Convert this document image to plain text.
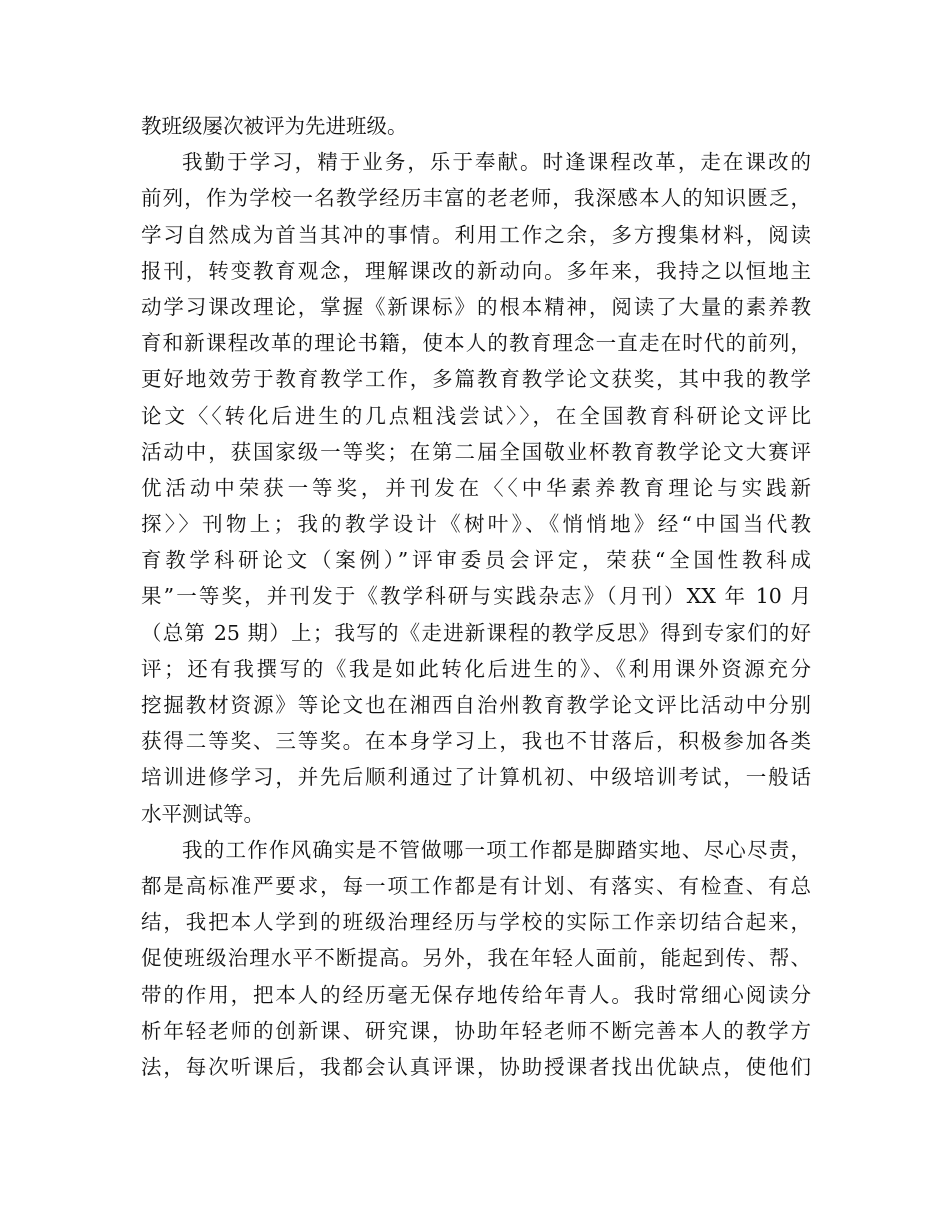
教班级屡次被评为先进班级。
我勤于学习，精于业务，乐于奉献。时逢课程改革，走在课改的
前列，作为学校一名教学经历丰富的老老师，我深感本人的知识匮乏，
学习自然成为首当其冲的事情。利用工作之余，多方搜集材料，阅读
报刊，转变教育观念，理解课改的新动向。多年来，我持之以恒地主
动学习课改理论，掌握《新课标》的根本精神，阅读了大量的素养教
育和新课程改革的理论书籍，使本人的教育理念一直走在时代的前列，
更好地效劳于教育教学工作，多篇教育教学论文获奖，其中我的教学
论文〈〈转化后进生的几点粗浅尝试〉〉，在全国教育科研论文评比
活动中，获国家级一等奖；在第二届全国敬业杯教育教学论文大赛评
优活动中荣获一等奖，并刊发在〈〈中华素养教育理论与实践新
探〉〉刊物上；我的教学设计《树叶》、《悄悄地》经“中国当代教
育教学科研论文（案例）”评审委员会评定，荣获“全国性教科成
果”一等奖，并刊发于《教学科研与实践杂志》（月刊）XX 年 10 月
（总第 25 期）上；我写的《走进新课程的教学反思》得到专家们的好
评；还有我撰写的《我是如此转化后进生的》、《利用课外资源充分
挖掘教材资源》等论文也在湘西自治州教育教学论文评比活动中分别
获得二等奖、三等奖。在本身学习上，我也不甘落后，积极参加各类
培训进修学习，并先后顺利通过了计算机初、中级培训考试，一般话
水平测试等。
我的工作作风确实是不管做哪一项工作都是脚踏实地、尽心尽责，
都是高标准严要求，每一项工作都是有计划、有落实、有检查、有总
结，我把本人学到的班级治理经历与学校的实际工作亲切结合起来，
促使班级治理水平不断提高。另外，我在年轻人面前，能起到传、帮、
带的作用，把本人的经历毫无保存地传给年青人。我时常细心阅读分
析年轻老师的创新课、研究课，协助年轻老师不断完善本人的教学方
法，每次听课后，我都会认真评课，协助授课者找出优缺点，使他们
